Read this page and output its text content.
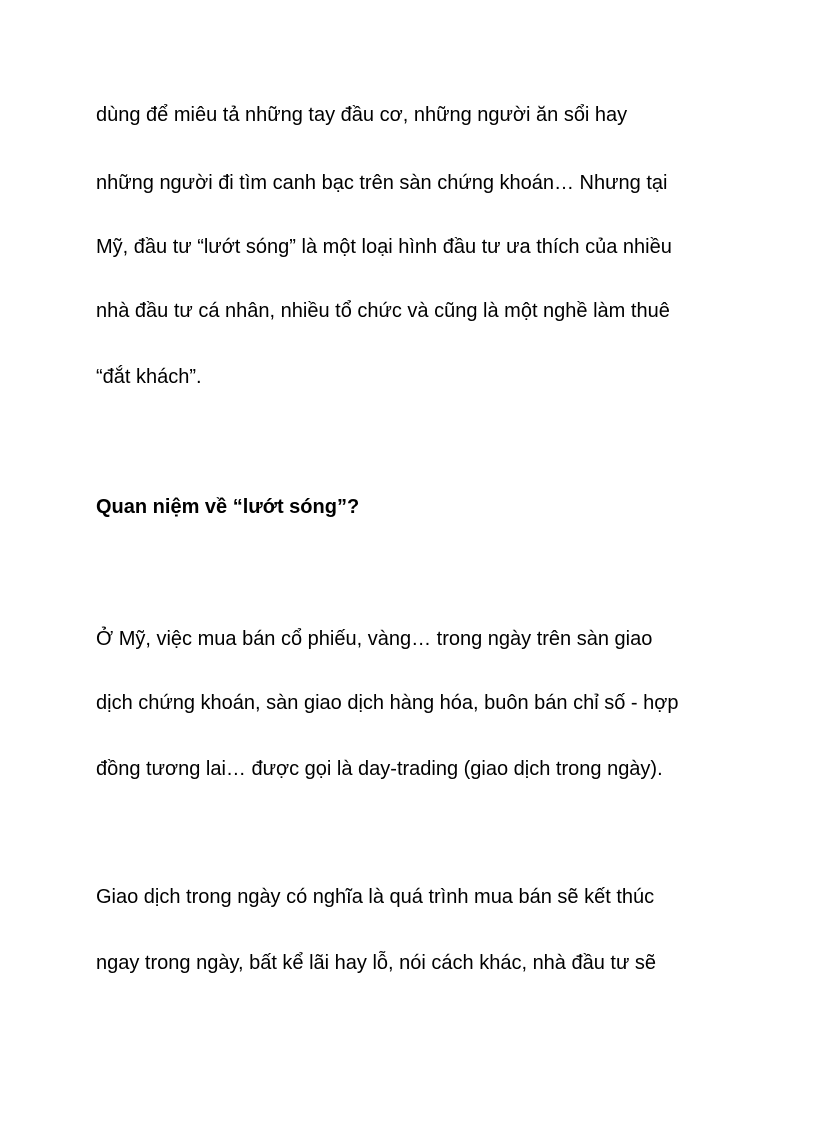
dùng để miêu tả những tay đầu cơ, những người ăn sổi hay

những người đi tìm canh bạc trên sàn chứng khoán… Nhưng tại

Mỹ, đầu tư “lướt sóng” là một loại hình đầu tư ưa thích của nhiều

nhà đầu tư cá nhân, nhiều tổ chức và cũng là một nghề làm thuê

“đắt khách”.

Quan niệm về “lướt sóng”?

Ở Mỹ, việc mua bán cổ phiếu, vàng… trong ngày trên sàn giao

dịch chứng khoán, sàn giao dịch hàng hóa, buôn bán chỉ số - hợp

đồng tương lai… được gọi là day-trading (giao dịch trong ngày).

Giao dịch trong ngày có nghĩa là quá trình mua bán sẽ kết thúc

ngay trong ngày, bất kể lãi hay lỗ, nói cách khác, nhà đầu tư sẽ
